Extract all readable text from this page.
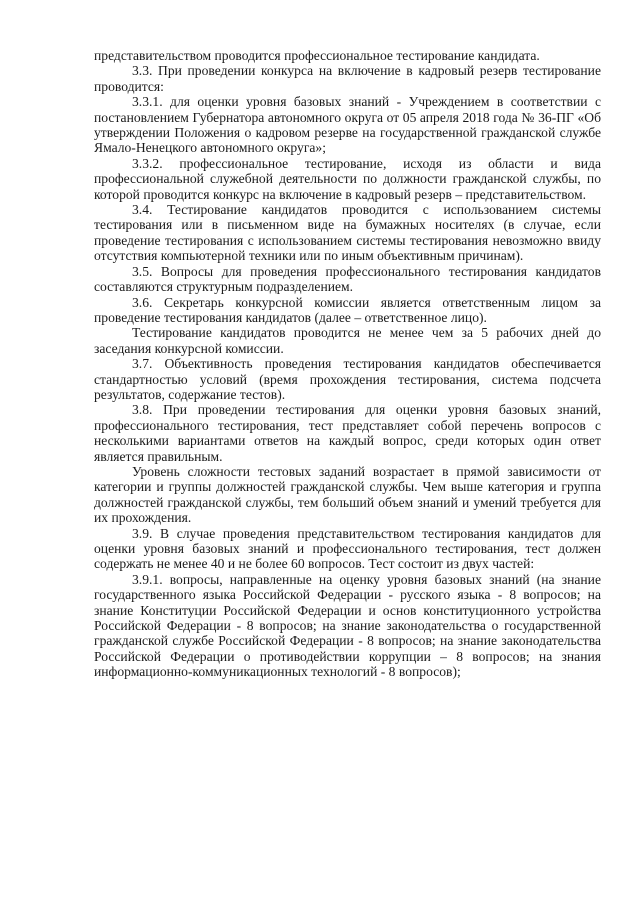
представительством проводится профессиональное тестирование кандидата.

3.3. При проведении конкурса на включение в кадровый резерв тестирование проводится:

3.3.1. для оценки уровня базовых знаний - Учреждением в соответствии с постановлением Губернатора автономного округа от 05 апреля 2018 года № 36-ПГ «Об утверждении Положения о кадровом резерве на государственной гражданской службе Ямало-Ненецкого автономного округа»;

3.3.2. профессиональное тестирование, исходя из области и вида профессиональной служебной деятельности по должности гражданской службы, по которой проводится конкурс на включение в кадровый резерв – представительством.

3.4. Тестирование кандидатов проводится с использованием системы тестирования или в письменном виде на бумажных носителях (в случае, если проведение тестирования с использованием системы тестирования невозможно ввиду отсутствия компьютерной техники или по иным объективным причинам).

3.5. Вопросы для проведения профессионального тестирования кандидатов составляются структурным подразделением.

3.6. Секретарь конкурсной комиссии является ответственным лицом за проведение тестирования кандидатов (далее – ответственное лицо).

Тестирование кандидатов проводится не менее чем за 5 рабочих дней до заседания конкурсной комиссии.

3.7. Объективность проведения тестирования кандидатов обеспечивается стандартностью условий (время прохождения тестирования, система подсчета результатов, содержание тестов).

3.8. При проведении тестирования для оценки уровня базовых знаний, профессионального тестирования, тест представляет собой перечень вопросов с несколькими вариантами ответов на каждый вопрос, среди которых один ответ является правильным.

Уровень сложности тестовых заданий возрастает в прямой зависимости от категории и группы должностей гражданской службы. Чем выше категория и группа должностей гражданской службы, тем больший объем знаний и умений требуется для их прохождения.

3.9. В случае проведения представительством тестирования кандидатов для оценки уровня базовых знаний и профессионального тестирования, тест должен содержать не менее 40 и не более 60 вопросов. Тест состоит из двух частей:

3.9.1. вопросы, направленные на оценку уровня базовых знаний (на знание государственного языка Российской Федерации - русского языка - 8 вопросов; на знание Конституции Российской Федерации и основ конституционного устройства Российской Федерации - 8 вопросов; на знание законодательства о государственной гражданской службе Российской Федерации - 8 вопросов; на знание законодательства Российской Федерации о противодействии коррупции – 8 вопросов; на знания информационно-коммуникационных технологий - 8 вопросов);
